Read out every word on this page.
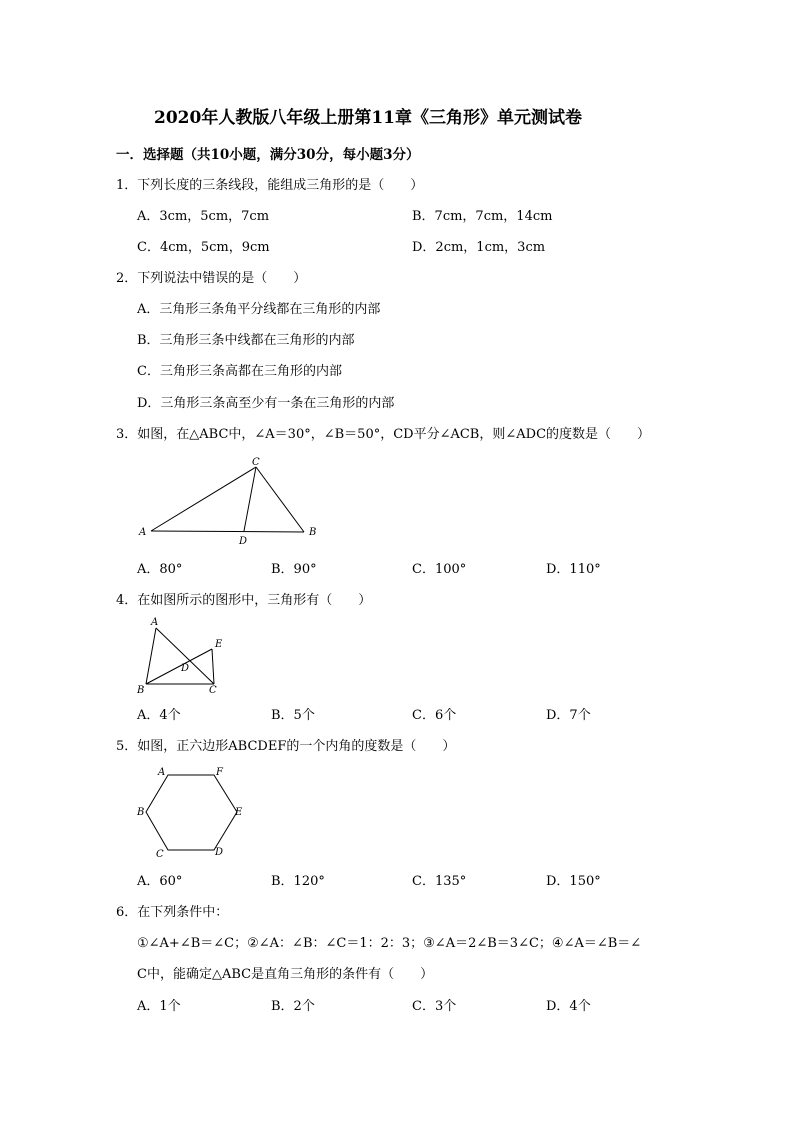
2020年人教版八年级上册第11章《三角形》单元测试卷
一．选择题（共10小题，满分30分，每小题3分）
1．下列长度的三条线段，能组成三角形的是（　　）
A．3cm，5cm，7cm	B．7cm，7cm，14cm
C．4cm，5cm，9cm	D．2cm，1cm，3cm
2．下列说法中错误的是（　　）
A．三角形三条角平分线都在三角形的内部
B．三角形三条中线都在三角形的内部
C．三角形三条高都在三角形的内部
D．三角形三条高至少有一条在三角形的内部
3．如图，在△ABC中，∠A＝30°，∠B＝50°，CD平分∠ACB，则∠ADC的度数是（　　）
A	B
C
D
A．80°	B．90°	C．100°	D．110°
4．在如图所示的图形中，三角形有（　　）
A
B	C
D
E
A．4个	B．5个	C．6个	D．7个
5．如图，正六边形ABCDEF的一个内角的度数是（　　）
A
B
C	D
E
F
A．60°	B．120°	C．135°	D．150°
6．在下列条件中：
①∠A+∠B＝∠C；②∠A：∠B：∠C＝1：2：3；③∠A＝2∠B＝3∠C；④∠A＝∠B＝∠
C中，能确定△ABC是直角三角形的条件有（　　）
A．1个	B．2个	C．3个	D．4个
